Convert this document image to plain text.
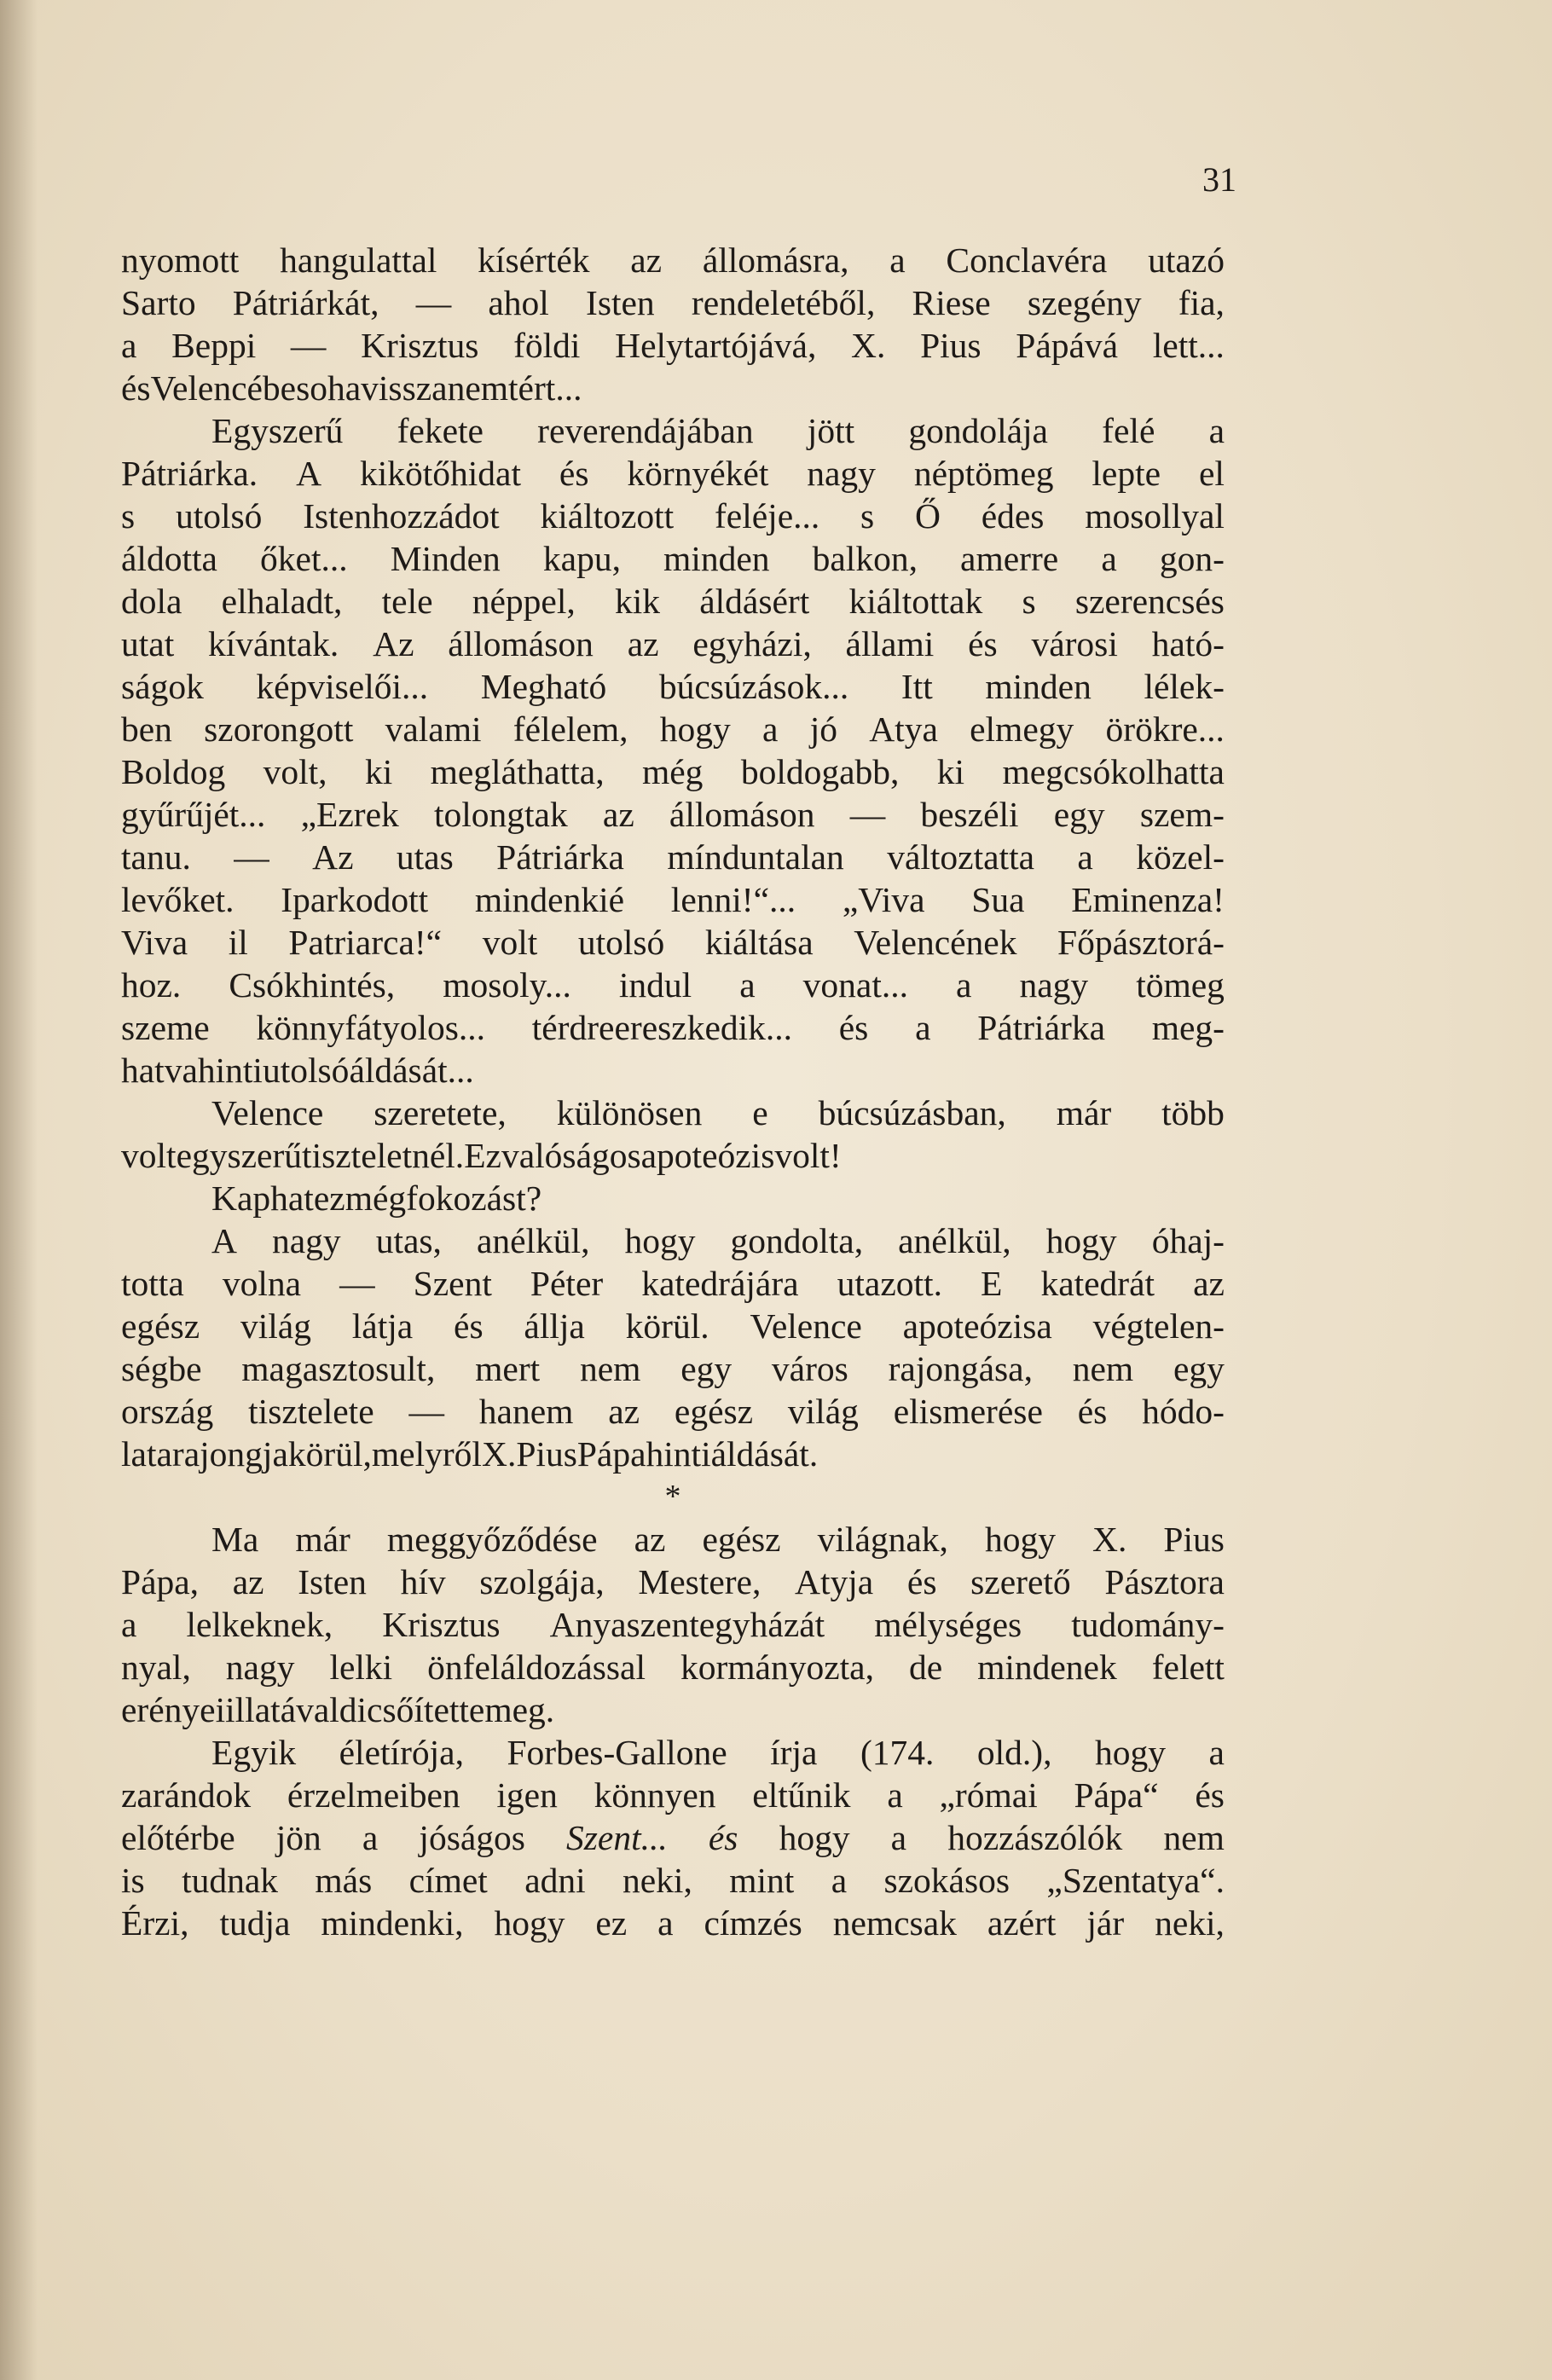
31
nyomott hangulattal kísérték az állomásra, a Conclavéra utazó
Sarto Pátriárkát, — ahol Isten rendeletéből, Riese szegény fia,
a Beppi — Krisztus földi Helytartójává, X. Pius Pápává lett...
és Velencébe soha vissza nem tért...
Egyszerű fekete reverendájában jött gondolája felé a
Pátriárka. A kikötőhidat és környékét nagy néptömeg lepte el
s utolsó Istenhozzádot kiáltozott feléje... s Ő édes mosollyal
áldotta őket... Minden kapu, minden balkon, amerre a gon-
dola elhaladt, tele néppel, kik áldásért kiáltottak s szerencsés
utat kívántak. Az állomáson az egyházi, állami és városi ható-
ságok képviselői... Megható búcsúzások... Itt minden lélek-
ben szorongott valami félelem, hogy a jó Atya elmegy örökre...
Boldog volt, ki megláthatta, még boldogabb, ki megcsókolhatta
gyűrűjét... „Ezrek tolongtak az állomáson — beszéli egy szem-
tanu. — Az utas Pátriárka mínduntalan változtatta a közel-
levőket. Iparkodott mindenkié lenni!“... „Viva Sua Eminenza!
Viva il Patriarca!“ volt utolsó kiáltása Velencének Főpásztorá-
hoz. Csókhintés, mosoly... indul a vonat... a nagy tömeg
szeme könnyfátyolos... térdreereszkedik... és a Pátriárka meg-
hatva hinti utolsó áldását...
Velence szeretete, különösen e búcsúzásban, már több
volt egyszerű tiszteletnél. Ez valóságos apoteózis volt!
Kaphat ez még fokozást?
A nagy utas, anélkül, hogy gondolta, anélkül, hogy óhaj-
totta volna — Szent Péter katedrájára utazott. E katedrát az
egész világ látja és állja körül. Velence apoteózisa végtelen-
ségbe magasztosult, mert nem egy város rajongása, nem egy
ország tisztelete — hanem az egész világ elismerése és hódo-
lata rajongja körül, melyről X. Pius Pápa hinti áldását.
*
Ma már meggyőződése az egész világnak, hogy X. Pius
Pápa, az Isten hív szolgája, Mestere, Atyja és szerető Pásztora
a lelkeknek, Krisztus Anyaszentegyházát mélységes tudomány-
nyal, nagy lelki önfeláldozással kormányozta, de mindenek felett
erényei illatával dicsőítette meg.
Egyik életírója, Forbes-Gallone írja (174. old.), hogy a
zarándok érzelmeiben igen könnyen eltűnik a „római Pápa“ és
előtérbe jön a jóságos Szent... és hogy a hozzászólók nem
is tudnak más címet adni neki, mint a szokásos „Szentatya“.
Érzi, tudja mindenki, hogy ez a címzés nemcsak azért jár neki,
